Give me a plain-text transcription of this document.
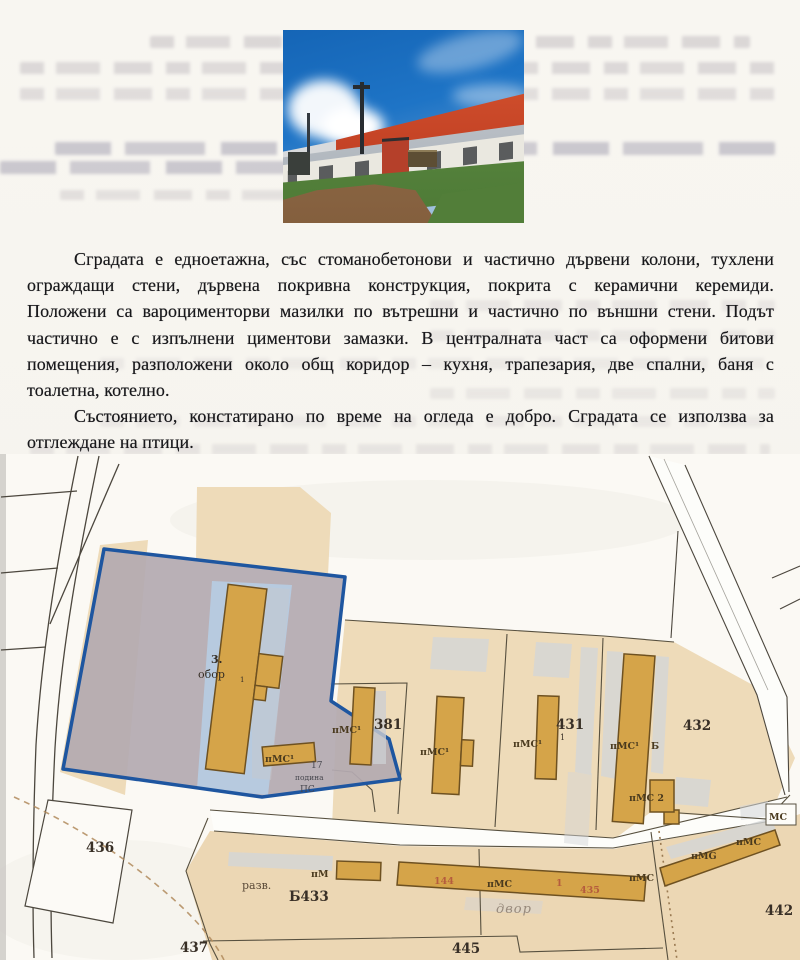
Сградата е едноетажна, със стоманобетонови и частично дървени колони, тухлени
ограждащи стени, дървена покривна конструкция, покрита с керамични керемиди.
Положени са вароцименторви мазилки по вътрешни и частично по външни стени. Подът
частично е с изпълнени циментови замазки. В централната част са оформени битови
помещения, разположени около общ коридор – кухня, трапезария, две спални, баня с
тоалетна, котелно.
Състоянието, констатирано по време на огледа е добро. Сградата се използва за
отглеждане на птици.
381	431	432
436
437
Б433
445
442
1
пМС¹
пМС¹
пМС¹	пМС¹ Б
пМС 2
пМС¹
пМС
пМС
пМ
пМG
пМС
МС
144	1
435
3.
обор 1
17
подина
ПС
двор
разв.
